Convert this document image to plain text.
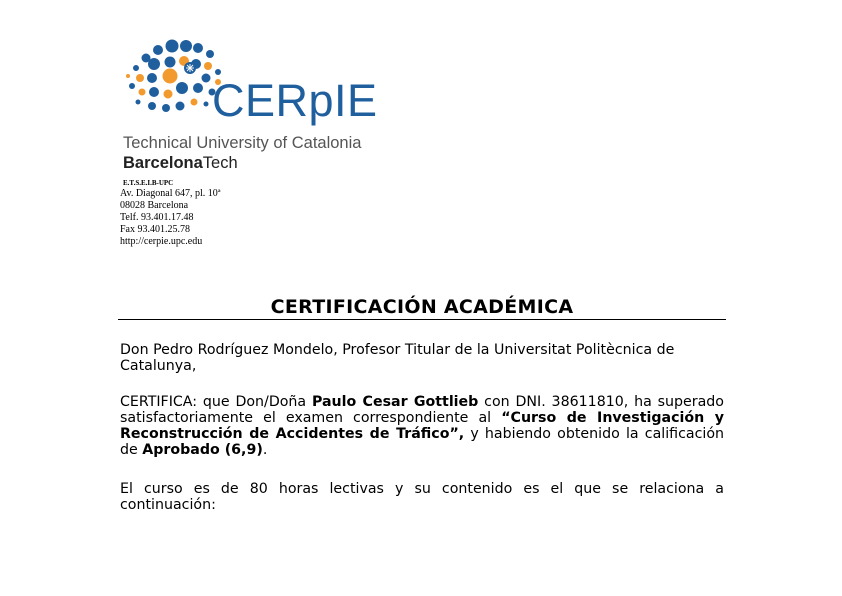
CERpIE
Technical University of Catalonia
BarcelonaTech
E.T.S.E.I.B-UPC
Av. Diagonal 647, pl. 10ª
08028 Barcelona
Telf. 93.401.17.48
Fax 93.401.25.78
http://cerpie.upc.edu
CERTIFICACIÓN ACADÉMICA
Don Pedro Rodríguez Mondelo, Profesor Titular de la Universitat Politècnica de Catalunya,
CERTIFICA: que Don/Doña Paulo Cesar Gottlieb con DNI. 38611810, ha superado satisfactoriamente el examen correspondiente al “Curso de Investigación y Reconstrucción de Accidentes de Tráfico”, y habiendo obtenido la calificación de Aprobado (6,9).
El curso es de 80 horas lectivas y su contenido es el que se relaciona a continuación:
